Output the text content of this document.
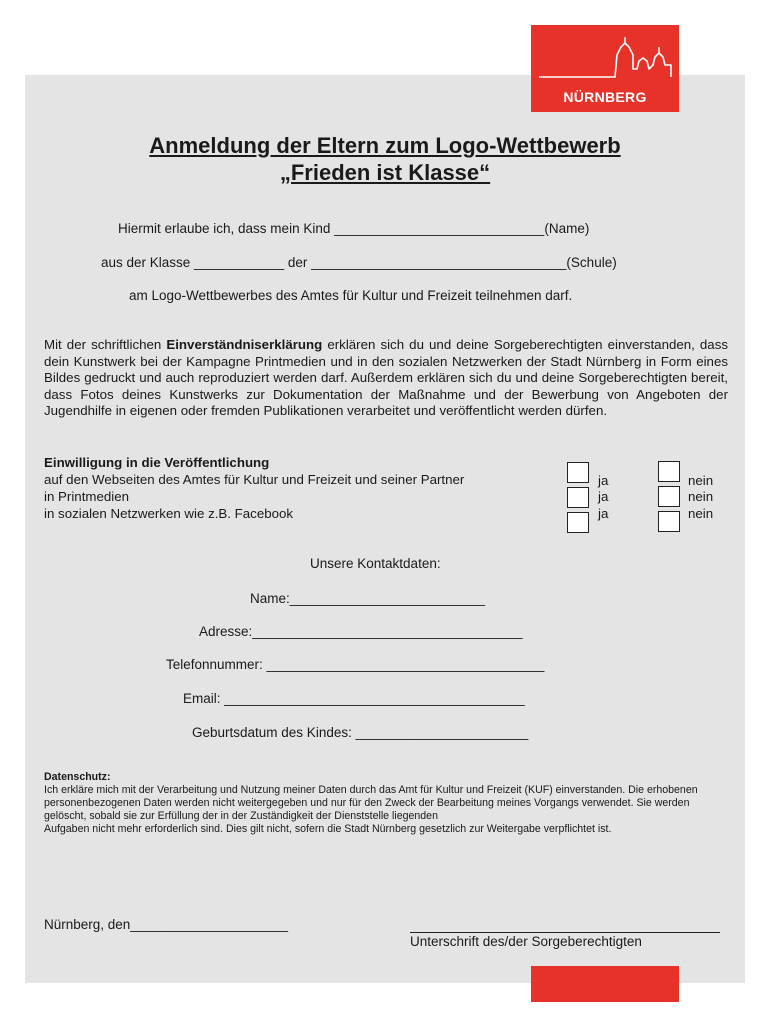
NÜRNBERG
Anmeldung der Eltern zum Logo-Wettbewerb
„Frieden ist Klasse“
Hiermit erlaube ich, dass mein Kind ____________________________(Name)
aus der Klasse ____________ der __________________________________(Schule)
am Logo-Wettbewerbes des Amtes für Kultur und Freizeit teilnehmen darf.

Mit der schriftlichen Einverständniserklärung erklären sich du und deine Sorgeberechtigten einverstanden, dass dein Kunstwerk bei der Kampagne Printmedien und in den sozialen Netzwerken der Stadt Nürnberg in Form eines Bildes gedruckt und auch reproduziert werden darf. Außerdem erklären sich du und deine Sorgeberechtigten bereit, dass Fotos deines Kunstwerks zur Dokumentation der Maßnahme und der Bewerbung von Angeboten der Jugendhilfe in eigenen oder fremden Publikationen verarbeitet und veröffentlicht werden dürfen.

Einwilligung in die Veröffentlichung
auf den Webseiten des Amtes für Kultur und Freizeit und seiner Partner
in Printmedien
in sozialen Netzwerken wie z.B. Facebook
ja
ja
ja
nein
nein
nein
Unsere Kontaktdaten:
Name:__________________________
Adresse:____________________________________
Telefonnummer: _____________________________________
Email: ________________________________________
Geburtsdatum des Kindes: _______________________
Datenschutz:
Ich erkläre mich mit der Verarbeitung und Nutzung meiner Daten durch das Amt für Kultur und Freizeit (KUF) einverstanden. Die erhobenen personenbezogenen Daten werden nicht weitergegeben und nur für den Zweck der Bearbeitung meines Vorgangs verwendet. Sie werden gelöscht, sobald sie zur Erfüllung der in der Zuständigkeit der Dienststelle liegenden
Aufgaben nicht mehr erforderlich sind. Dies gilt nicht, sofern die Stadt Nürnberg gesetzlich zur Weitergabe verpflichtet ist.
Nürnberg, den_____________________
Unterschrift des/der Sorgeberechtigten
